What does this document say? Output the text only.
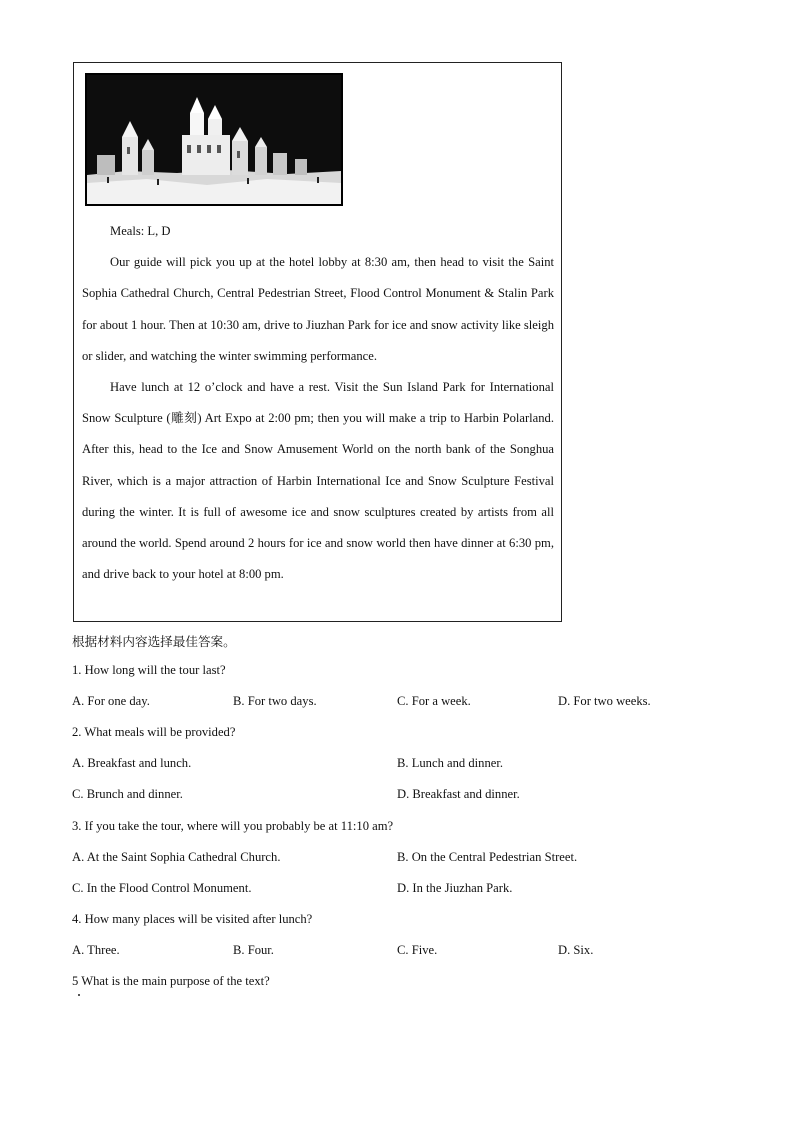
Meals: L, D

Our guide will pick you up at the hotel lobby at 8:30 am, then head to visit the Saint Sophia Cathedral Church, Central Pedestrian Street, Flood Control Monument & Stalin Park for about 1 hour. Then at 10:30 am, drive to Jiuzhan Park for ice and snow activity like sleigh or slider, and watching the winter swimming performance.

Have lunch at 12 o’clock and have a rest. Visit the Sun Island Park for International Snow Sculpture (雕刻) Art Expo at 2:00 pm; then you will make a trip to Harbin Polarland. After this, head to the Ice and Snow Amusement World on the north bank of the Songhua River, which is a major attraction of Harbin International Ice and Snow Sculpture Festival during the winter. It is full of awesome ice and snow sculptures created by artists from all around the world. Spend around 2 hours for ice and snow world then have dinner at 6:30 pm, and drive back to your hotel at 8:00 pm.

根据材料内容选择最佳答案。
1. How long will the tour last?
A. For one day.	B. For two days.	C. For a week.	D. For two weeks.
2. What meals will be provided?
A. Breakfast and lunch.	B. Lunch and dinner.
C. Brunch and dinner.	D. Breakfast and dinner.
3. If you take the tour, where will you probably be at 11:10 am?
A. At the Saint Sophia Cathedral Church.	B. On the Central Pedestrian Street.
C. In the Flood Control Monument.	D. In the Jiuzhan Park.
4. How many places will be visited after lunch?
A. Three.	B. Four.	C. Five.	D. Six.
5 What is the main purpose of the text?
